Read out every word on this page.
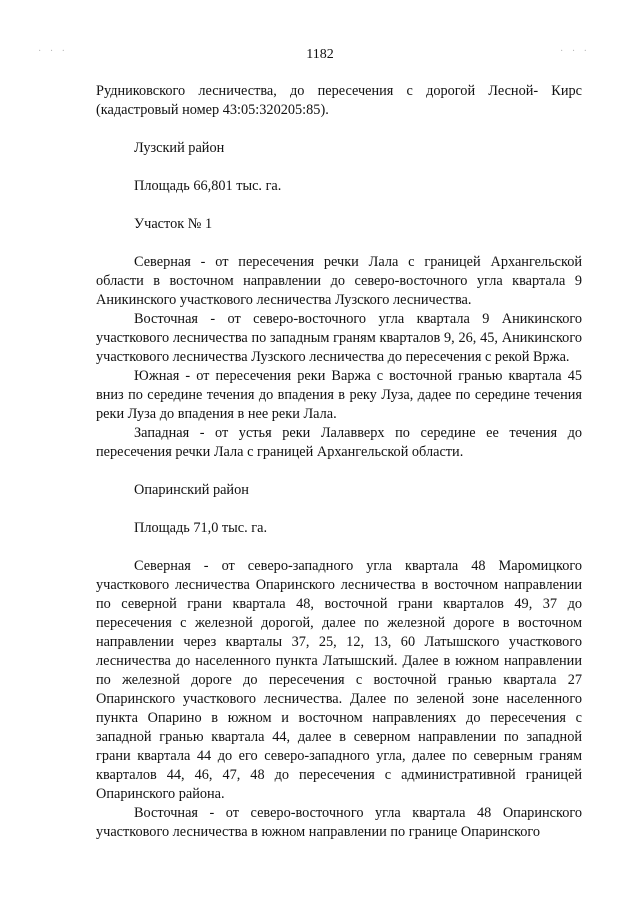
· · ·	· · ·
1182

Рудниковского лесничества, до пересечения с дорогой Лесной- Кирс (кадастровый номер 43:05:320205:85).

Лузский район

Площадь 66,801 тыс. га.

Участок № 1

Северная - от пересечения речки Лала с границей Архангельской области в восточном направлении до северо-восточного угла квартала 9 Аникинского участкового лесничества Лузского лесничества.

Восточная - от северо-восточного угла квартала 9 Аникинского участкового лесничества по западным граням кварталов 9, 26, 45, Аникинского участкового лесничества Лузского лесничества до пересечения с рекой Вржа.

Южная - от пересечения реки Варжа с восточной гранью квартала 45 вниз по середине течения до впадения в реку Луза, дадее по середине течения реки Луза до впадения в нее реки Лала.

Западная - от устья реки Лалавверх по середине ее течения до пересечения речки Лала с границей Архангельской области.

Опаринский район

Площадь 71,0 тыс. га.

Северная - от северо-западного угла квартала 48 Маромицкого участкового лесничества Опаринского лесничества в восточном направлении по северной грани квартала 48, восточной грани кварталов 49, 37 до пересечения с железной дорогой, далее по железной дороге в восточном направлении через кварталы 37, 25, 12, 13, 60 Латышского участкового лесничества до населенного пункта Латышский. Далее в южном направлении по железной дороге до пересечения с восточной гранью квартала 27 Опаринского участкового лесничества. Далее по зеленой зоне населенного пункта Опарино в южном и восточном направлениях до пересечения с западной гранью квартала 44, далее в северном направлении по западной грани квартала 44 до его северо-западного угла, далее по северным граням кварталов 44, 46, 47, 48 до пересечения с административной границей Опаринского района.

Восточная - от северо-восточного угла квартала 48 Опаринского участкового лесничества в южном направлении по границе Опаринского
